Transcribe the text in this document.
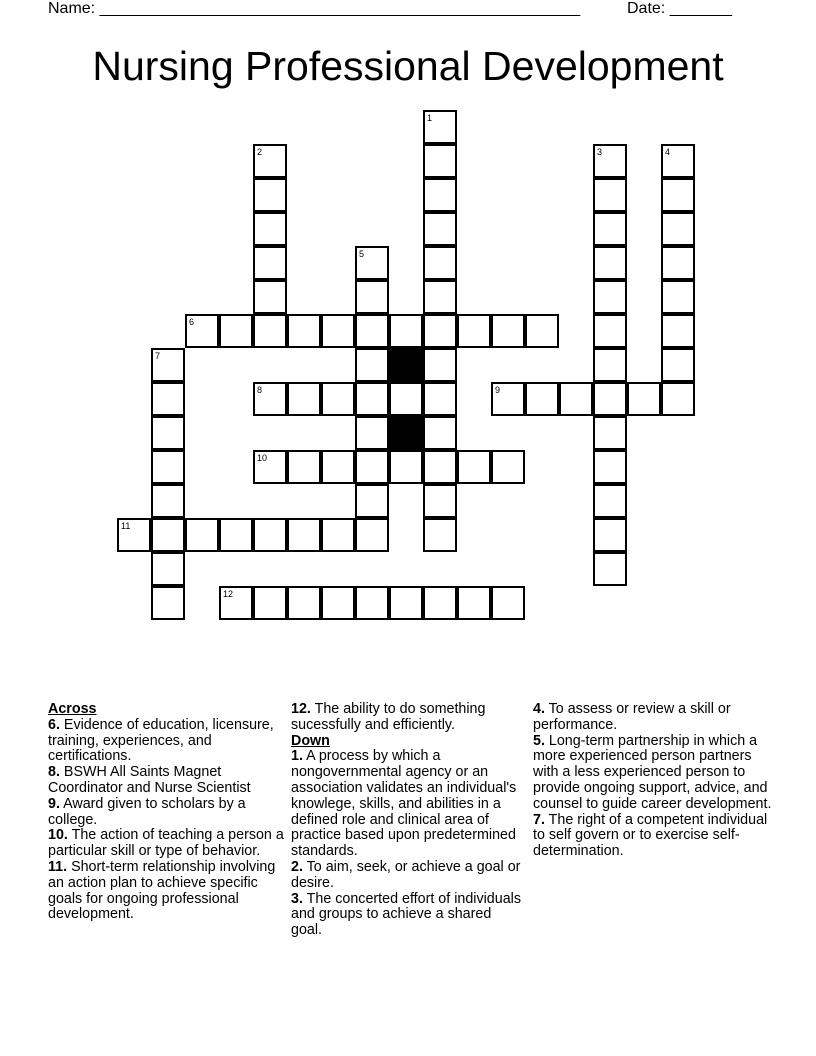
Name: ______________________________________________________	Date: _______
Nursing Professional Development
1
2	3	4
5
6
7
8	9
10
11
12
Across
6. Evidence of education, licensure, training, experiences, and certifications.
8. BSWH All Saints Magnet Coordinator and Nurse Scientist
9. Award given to scholars by a college.
10. The action of teaching a person a particular skill or type of behavior.
11. Short-term relationship involving an action plan to achieve specific goals for ongoing professional development.
12. The ability to do something sucessfully and efficiently.
Down
1. A process by which a nongovernmental agency or an association validates an individual's knowlege, skills, and abilities in a defined role and clinical area of practice based upon predetermined standards.
2. To aim, seek, or achieve a goal or desire.
3. The concerted effort of individuals and groups to achieve a shared goal.
4. To assess or review a skill or performance.
5. Long-term partnership in which a more experienced person partners with a less experienced person to provide ongoing support, advice, and counsel to guide career development.
7. The right of a competent individual to self govern or to exercise self-determination.
